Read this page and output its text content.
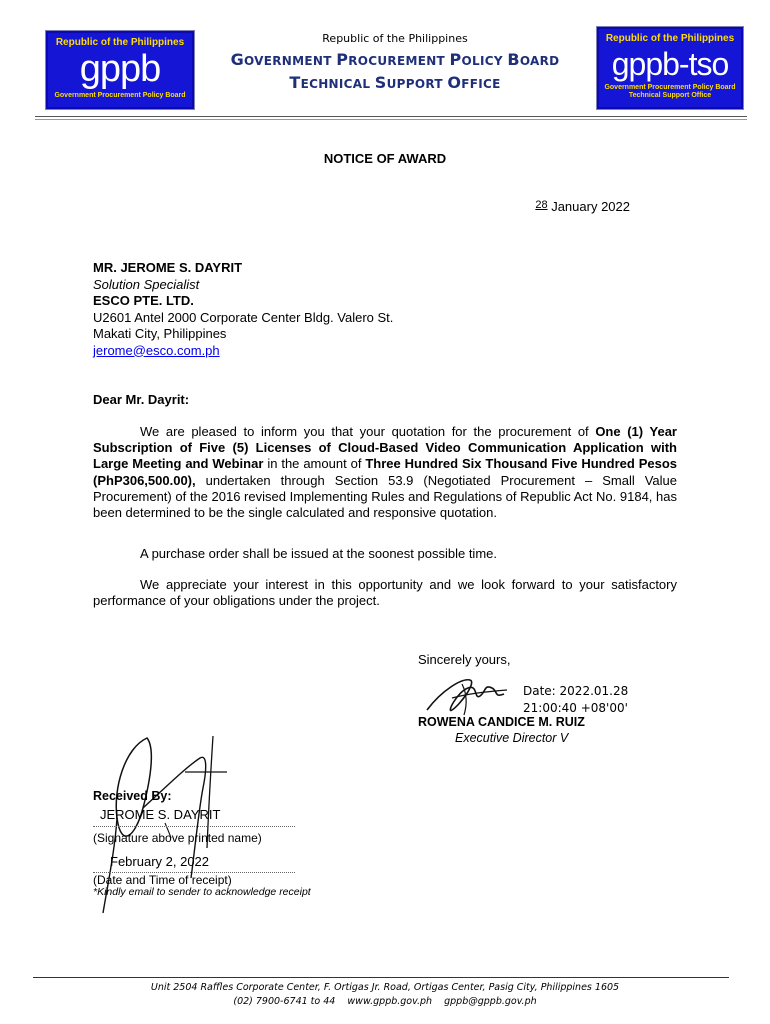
Republic of the Philippines
gppb
Government Procurement Policy Board
Republic of the Philippines
gppb-tso
Government Procurement Policy Board
Technical Support Office
Republic of the Philippines
GOVERNMENT PROCUREMENT POLICY BOARD
TECHNICAL SUPPORT OFFICE
NOTICE OF AWARD
$^{28}$ January 2022
MR. JEROME S. DAYRIT
Solution Specialist
ESCO PTE. LTD.
U2601 Antel 2000 Corporate Center Bldg. Valero St.
Makati City, Philippines
jerome@esco.com.ph
Dear Mr. Dayrit:
We are pleased to inform you that your quotation for the procurement of One (1) Year Subscription of Five (5) Licenses of Cloud-Based Video Communication Application with Large Meeting and Webinar in the amount of Three Hundred Six Thousand Five Hundred Pesos (PhP306,500.00), undertaken through Section 53.9 (Negotiated Procurement – Small Value Procurement) of the 2016 revised Implementing Rules and Regulations of Republic Act No. 9184, has been determined to be the single calculated and responsive quotation.
A purchase order shall be issued at the soonest possible time.
We appreciate your interest in this opportunity and we look forward to your satisfactory performance of your obligations under the project.
Sincerely yours,
Date: 2022.01.28
21:00:40 +08'00'
ROWENA CANDICE M. RUIZ
Executive Director V
Received By:
JEROME S. DAYRIT
(Signature above printed name)
February 2, 2022
(Date and Time of receipt)
*Kindly email to sender to acknowledge receipt
Unit 2504 Raffles Corporate Center, F. Ortigas Jr. Road, Ortigas Center, Pasig City, Philippines 1605
(02) 7900-6741 to 44    www.gppb.gov.ph    gppb@gppb.gov.ph
